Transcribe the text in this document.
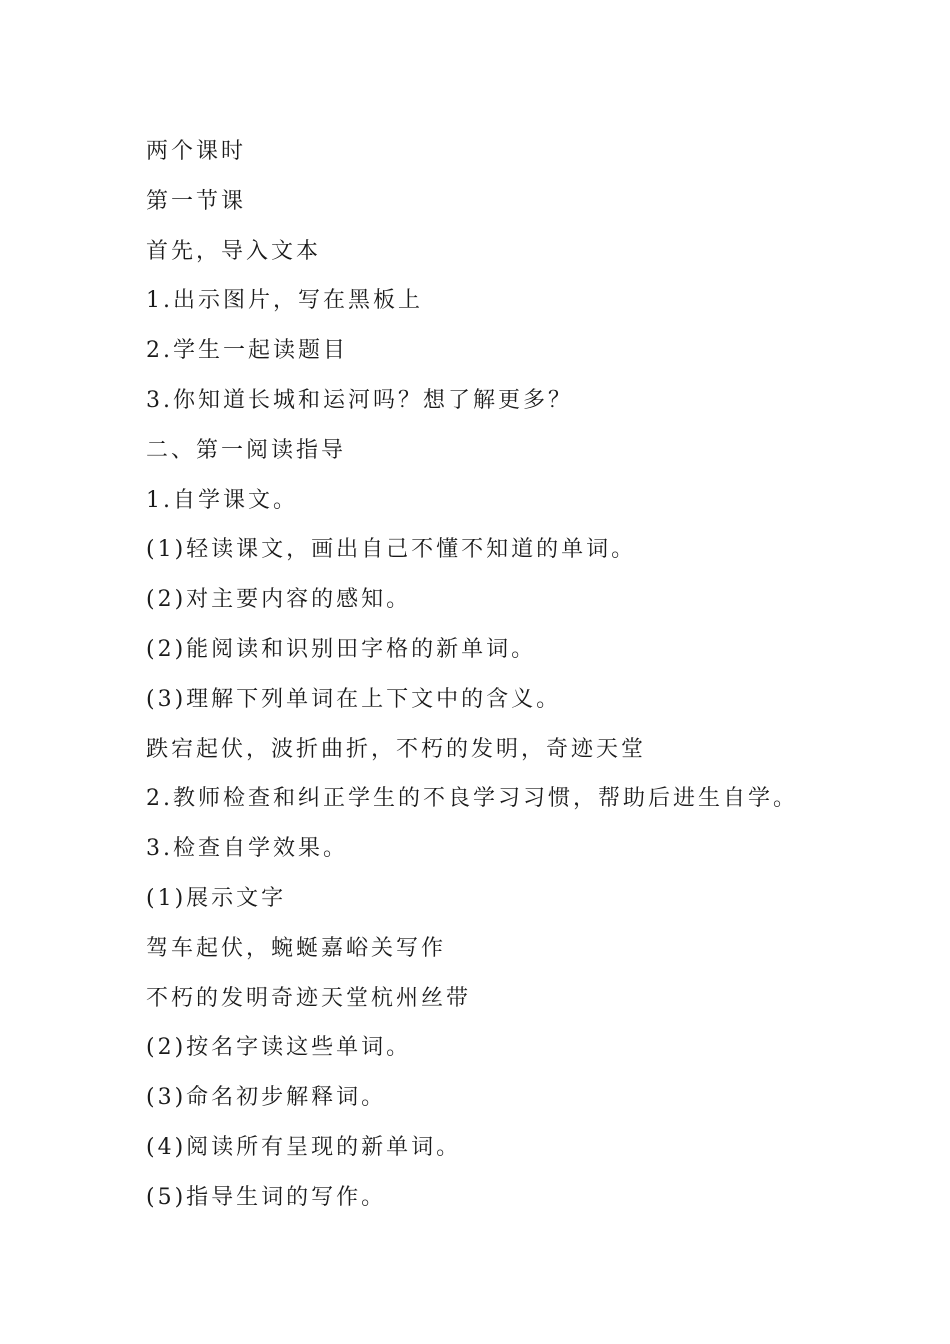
两个课时
第一节课
首先，导入文本
1.出示图片，写在黑板上
2.学生一起读题目
3.你知道长城和运河吗？想了解更多？
二、第一阅读指导
1.自学课文。
(1)轻读课文，画出自己不懂不知道的单词。
(2)对主要内容的感知。
(2)能阅读和识别田字格的新单词。
(3)理解下列单词在上下文中的含义。
跌宕起伏，波折曲折，不朽的发明，奇迹天堂
2.教师检查和纠正学生的不良学习习惯，帮助后进生自学。
3.检查自学效果。
(1)展示文字
驾车起伏，蜿蜒嘉峪关写作
不朽的发明奇迹天堂杭州丝带
(2)按名字读这些单词。
(3)命名初步解释词。
(4)阅读所有呈现的新单词。
(5)指导生词的写作。
